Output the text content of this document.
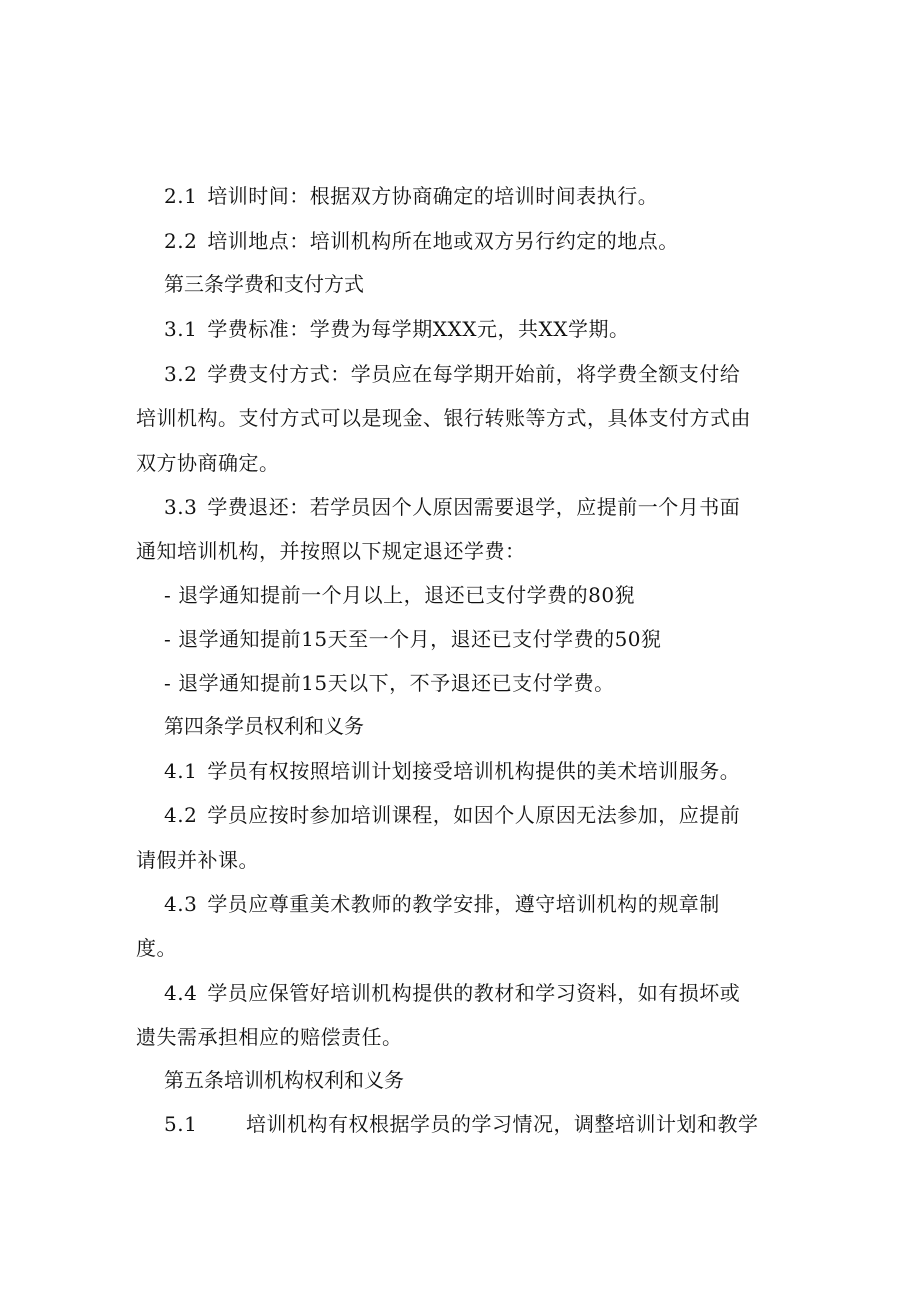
2.1 培训时间：根据双方协商确定的培训时间表执行。
2.2 培训地点：培训机构所在地或双方另行约定的地点。
第三条学费和支付方式
3.1 学费标准：学费为每学期XXX元，共XX学期。
3.2 学费支付方式：学员应在每学期开始前，将学费全额支付给
培训机构。支付方式可以是现金、银行转账等方式，具体支付方式由
双方协商确定。
3.3 学费退还：若学员因个人原因需要退学，应提前一个月书面
通知培训机构，并按照以下规定退还学费：
- 退学通知提前一个月以上，退还已支付学费的80猊
- 退学通知提前15天至一个月，退还已支付学费的50猊
- 退学通知提前15天以下，不予退还已支付学费。
第四条学员权利和义务
4.1 学员有权按照培训计划接受培训机构提供的美术培训服务。
4.2 学员应按时参加培训课程，如因个人原因无法参加，应提前
请假并补课。
4.3 学员应尊重美术教师的教学安排，遵守培训机构的规章制
度。
4.4 学员应保管好培训机构提供的教材和学习资料，如有损坏或
遗失需承担相应的赔偿责任。
第五条培训机构权利和义务
5.1 培训机构有权根据学员的学习情况，调整培训计划和教学
